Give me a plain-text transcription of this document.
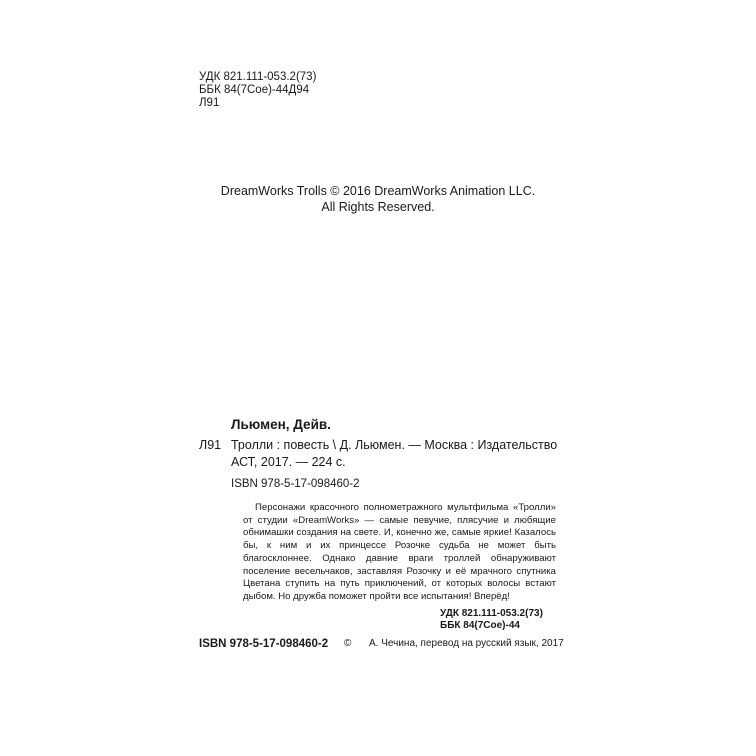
УДК 821.111-053.2(73)
ББК 84(7Сое)-44Д94
Л91
DreamWorks Trolls © 2016 DreamWorks Animation LLC.
All Rights Reserved.
Льюмен, Дейв.
Л91 Тролли : повесть \ Д. Льюмен. — Москва : Издательство
АСТ, 2017. — 224 с.
ISBN 978-5-17-098460-2
Персонажи красочного полнометражного мультфильма «Тролли» от студии «DreamWorks» — самые певучие, плясучие и любящие обнимашки создания на свете. И, конечно же, самые яркие! Казалось бы, к ним и их принцессе Розочке судьба не может быть благосклоннее. Однако давние враги троллей обнаруживают поселение весельчаков, заставляя Розочку и её мрачного спутника Цветана ступить на путь приключений, от которых волосы встают дыбом. Но дружба поможет пройти все испытания! Вперёд!
УДК 821.111-053.2(73)
ББК 84(7Сое)-44
ISBN 978-5-17-098460-2 © А. Чечина, перевод на русский язык, 2017
